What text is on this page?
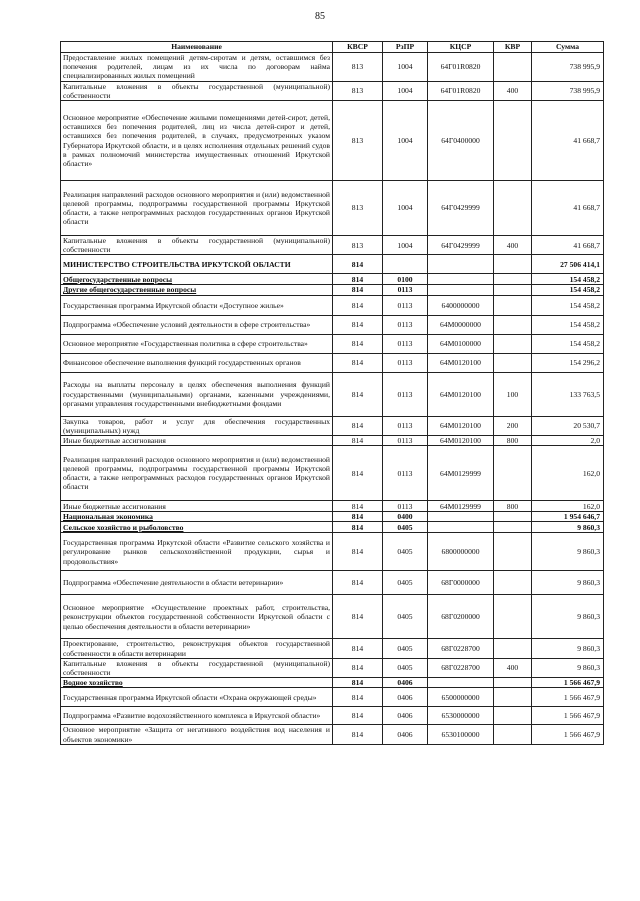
85
Наименование	КВСР	РзПР	КЦСР	КВР	Сумма
Предоставление жилых помещений детям-сиротам и детям, оставшимся без попечения родителей, лицам из их числа по договорам найма специализированных жилых помещений	813	1004	64Г01R0820		738 995,9
Капитальные вложения в объекты государственной (муниципальной) собственности	813	1004	64Г01R0820	400	738 995,9
Основное мероприятие «Обеспечение жилыми помещениями детей-сирот, детей, оставшихся без попечения родителей, лиц из числа детей-сирот и детей, оставшихся без попечения родителей, в случаях, предусмотренных указом Губернатора Иркутской области, и в целях исполнения отдельных решений судов в рамках полномочий министерства имущественных отношений Иркутской области»	813	1004	64Г0400000		41 668,7
Реализация направлений расходов основного мероприятия и (или) ведомственной целевой программы, подпрограммы государственной программы Иркутской области, а также непрограммных расходов государственных органов Иркутской области	813	1004	64Г0429999		41 668,7
Капитальные вложения в объекты государственной (муниципальной) собственности	813	1004	64Г0429999	400	41 668,7
МИНИСТЕРСТВО СТРОИТЕЛЬСТВА ИРКУТСКОЙ ОБЛАСТИ	814				27 506 414,1
Общегосударственные вопросы	814	0100			154 458,2
Другие общегосударственные вопросы	814	0113			154 458,2
Государственная программа Иркутской области «Доступное жилье»	814	0113	6400000000		154 458,2
Подпрограмма «Обеспечение условий деятельности в сфере строительства»	814	0113	64М0000000		154 458,2
Основное мероприятие «Государственная политика в сфере строительства»	814	0113	64М0100000		154 458,2
Финансовое обеспечение выполнения функций государственных органов	814	0113	64М0120100		154 296,2
Расходы на выплаты персоналу в целях обеспечения выполнения функций государственными (муниципальными) органами, казенными учреждениями, органами управления государственными внебюджетными фондами	814	0113	64М0120100	100	133 763,5
Закупка товаров, работ и услуг для обеспечения государственных (муниципальных) нужд	814	0113	64М0120100	200	20 530,7
Иные бюджетные ассигнования	814	0113	64М0120100	800	2,0
Реализация направлений расходов основного мероприятия и (или) ведомственной целевой программы, подпрограммы государственной программы Иркутской области, а также непрограммных расходов государственных органов Иркутской области	814	0113	64М0129999		162,0
Иные бюджетные ассигнования	814	0113	64М0129999	800	162,0
Национальная экономика	814	0400			1 954 646,7
Сельское хозяйство и рыболовство	814	0405			9 860,3
Государственная программа Иркутской области «Развитие сельского хозяйства и регулирование рынков сельскохозяйственной продукции, сырья и продовольствия»	814	0405	6800000000		9 860,3
Подпрограмма «Обеспечение деятельности в области ветеринарии»	814	0405	68Г0000000		9 860,3
Основное мероприятие «Осуществление проектных работ, строительства, реконструкции объектов государственной собственности Иркутской области с целью обеспечения деятельности в области ветеринарии»	814	0405	68Г0200000		9 860,3
Проектирование, строительство, реконструкция объектов государственной собственности в области ветеринарии	814	0405	68Г0228700		9 860,3
Капитальные вложения в объекты государственной (муниципальной) собственности	814	0405	68Г0228700	400	9 860,3
Водное хозяйство	814	0406			1 566 467,9
Государственная программа Иркутской области «Охрана окружающей среды»	814	0406	6500000000		1 566 467,9
Подпрограмма «Развитие водохозяйственного комплекса в Иркутской области»	814	0406	6530000000		1 566 467,9
Основное мероприятие «Защита от негативного воздействия вод населения и объектов экономики»	814	0406	6530100000		1 566 467,9
